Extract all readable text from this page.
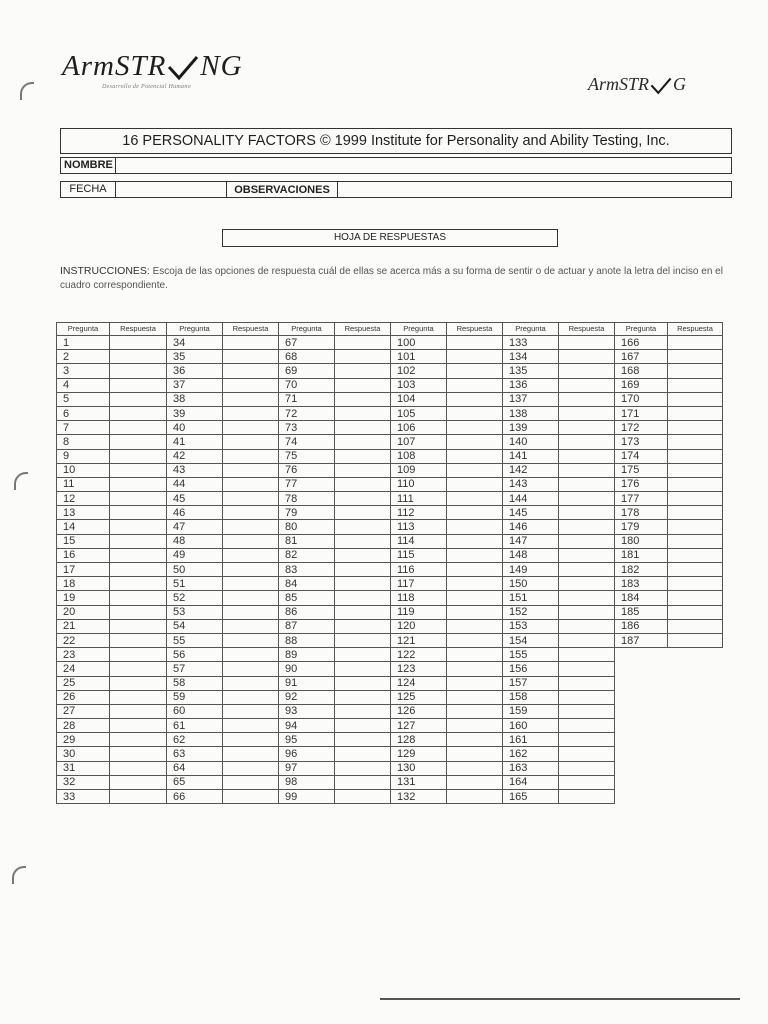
ArmSTR NG
Desarrollo de Potencial Humano	ArmSTR G
16 PERSONALITY FACTORS © 1999 Institute for Personality and Ability Testing, Inc.
NOMBRE
FECHA	OBSERVACIONES
HOJA DE RESPUESTAS
INSTRUCCIONES: Escoja de las opciones de respuesta cuál de ellas se acerca más a su forma de sentir o de actuar y anote la letra del inciso en el cuadro correspondiente.
Pregunta	Respuesta	Pregunta	Respuesta	Pregunta	Respuesta	Pregunta	Respuesta	Pregunta	Respuesta	Pregunta	Respuesta
1		34		67		100		133		166	
2		35		68		101		134		167	
3		36		69		102		135		168	
4		37		70		103		136		169	
5		38		71		104		137		170	
6		39		72		105		138		171	
7		40		73		106		139		172	
8		41		74		107		140		173	
9		42		75		108		141		174	
10		43		76		109		142		175	
11		44		77		110		143		176	
12		45		78		111		144		177	
13		46		79		112		145		178	
14		47		80		113		146		179	
15		48		81		114		147		180	
16		49		82		115		148		181	
17		50		83		116		149		182	
18		51		84		117		150		183	
19		52		85		118		151		184	
20		53		86		119		152		185	
21		54		87		120		153		186	
22		55		88		121		154		187	
23		56		89		122		155			
24		57		90		123		156			
25		58		91		124		157			
26		59		92		125		158			
27		60		93		126		159			
28		61		94		127		160			
29		62		95		128		161			
30		63		96		129		162			
31		64		97		130		163			
32		65		98		131		164			
33		66		99		132		165			
